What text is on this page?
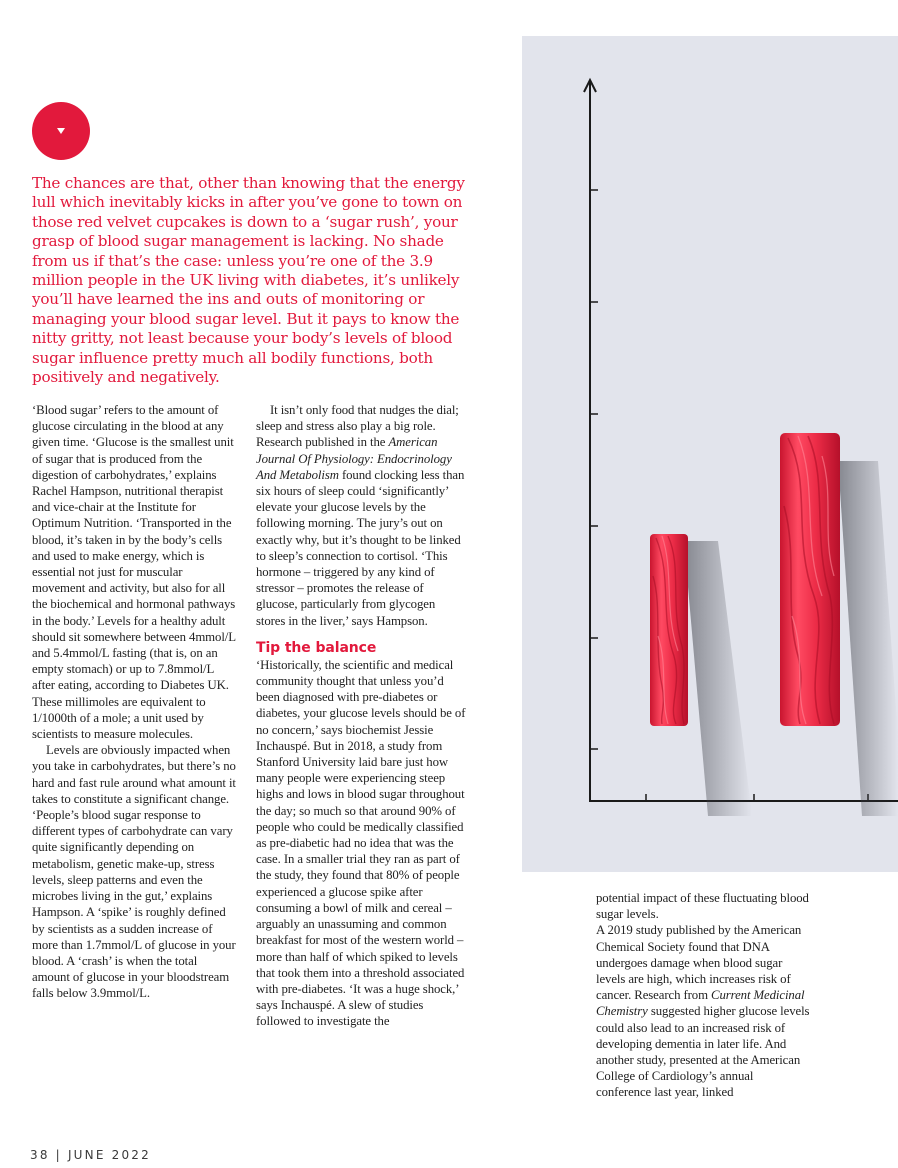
The chances are that, other than knowing that the energy lull which inevitably kicks in after you’ve gone to town on those red velvet cupcakes is down to a ‘sugar rush’, your grasp of blood sugar management is lacking. No shade from us if that’s the case: unless you’re one of the 3.9 million people in the UK living with diabetes, it’s unlikely you’ll have learned the ins and outs of monitoring or managing your blood sugar level. But it pays to know the nitty gritty, not least because your body’s levels of blood sugar influence pretty much all bodily functions, both positively and negatively.

‘Blood sugar’ refers to the amount of glucose circulating in the blood at any given time. ‘Glucose is the smallest unit of sugar that is produced from the digestion of carbohydrates,’ explains Rachel Hampson, nutritional therapist and vice-chair at the Institute for Optimum Nutrition. ‘Transported in the blood, it’s taken in by the body’s cells and used to make energy, which is essential not just for muscular movement and activity, but also for all the biochemical and hormonal pathways in the body.’ Levels for a healthy adult should sit somewhere between 4mmol/L and 5.4mmol/L fasting (that is, on an empty stomach) or up to 7.8mmol/L after eating, according to Diabetes UK. These millimoles are equivalent to 1/1000th of a mole; a unit used by scientists to measure molecules.

Levels are obviously impacted when you take in carbohydrates, but there’s no hard and fast rule around what amount it takes to constitute a significant change. ‘People’s blood sugar response to different types of carbohydrate can vary quite significantly depending on metabolism, genetic make-up, stress levels, sleep patterns and even the microbes living in the gut,’ explains Hampson. A ‘spike’ is roughly defined by scientists as a sudden increase of more than 1.7mmol/L of glucose in your blood. A ‘crash’ is when the total amount of glucose in your bloodstream falls below 3.9mmol/L.

It isn’t only food that nudges the dial; sleep and stress also play a big role. Research published in the American Journal Of Physiology: Endocrinology And Metabolism found clocking less than six hours of sleep could ‘significantly’ elevate your glucose levels by the following morning. The jury’s out on exactly why, but it’s thought to be linked to sleep’s connection to cortisol. ‘This hormone – triggered by any kind of stressor – promotes the release of glucose, particularly from glycogen stores in the liver,’ says Hampson.

Tip the balance

‘Historically, the scientific and medical community thought that unless you’d been diagnosed with pre-diabetes or diabetes, your glucose levels should be of no concern,’ says biochemist Jessie Inchauspé. But in 2018, a study from Stanford University laid bare just how many people were experiencing steep highs and lows in blood sugar throughout the day; so much so that around 90% of people who could be medically classified as pre-diabetic had no idea that was the case. In a smaller trial they ran as part of the study, they found that 80% of people experienced a glucose spike after consuming a bowl of milk and cereal – arguably an unassuming and common breakfast for most of the western world – more than half of which spiked to levels that took them into a threshold associated with pre-diabetes. ‘It was a huge shock,’ says Inchauspé. A slew of studies followed to investigate the

potential impact of these fluctuating blood sugar levels.

A 2019 study published by the American Chemical Society found that DNA undergoes damage when blood sugar levels are high, which increases risk of cancer. Research from Current Medicinal Chemistry suggested higher glucose levels could also lead to an increased risk of developing dementia in later life. And another study, presented at the American College of Cardiology’s annual conference last year, linked

38 | JUNE 2022
